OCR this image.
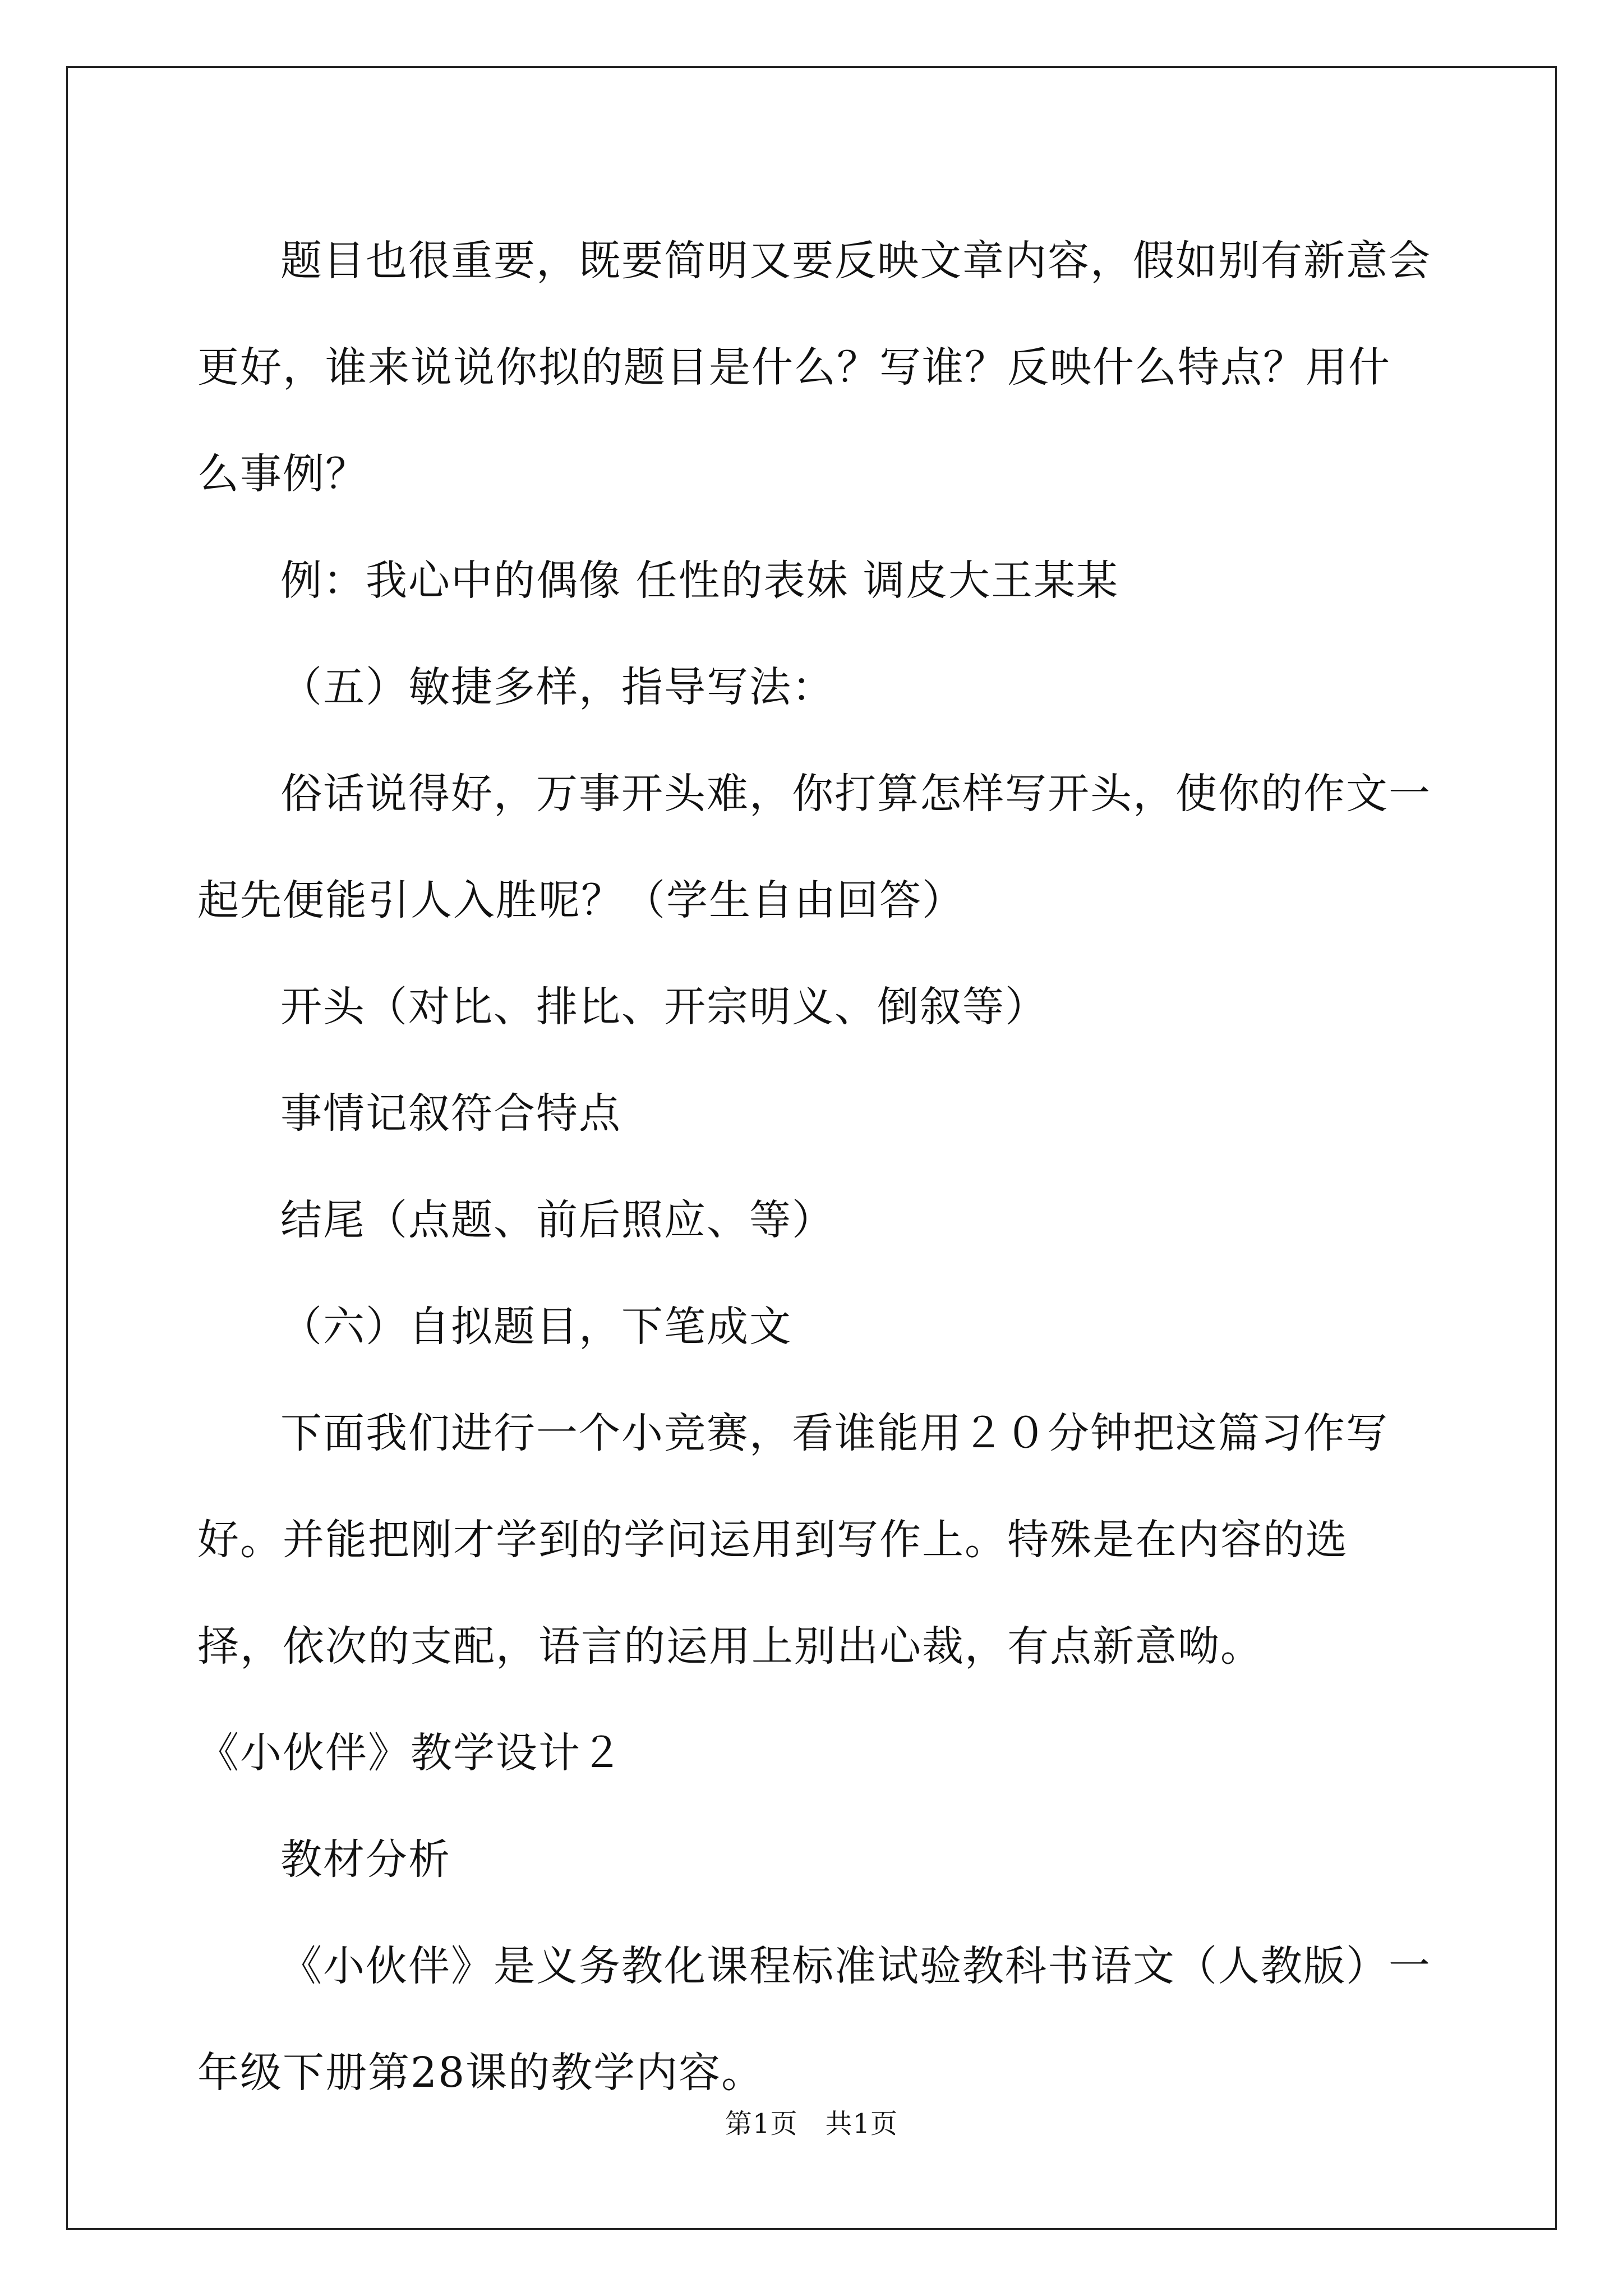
题目也很重要，既要简明又要反映文章内容，假如别有新意会更好，谁来说说你拟的题目是什么？写谁？反映什么特点？用什么事例？

例：我心中的偶像 任性的表妹 调皮大王某某

（五）敏捷多样，指导写法：

俗话说得好，万事开头难，你打算怎样写开头，使你的作文一起先便能引人入胜呢？（学生自由回答）

开头（对比、排比、开宗明义、倒叙等）

事情记叙符合特点

结尾（点题、前后照应、等）

（六）自拟题目，下笔成文

下面我们进行一个小竞赛，看谁能用２０分钟把这篇习作写好。并能把刚才学到的学问运用到写作上。特殊是在内容的选择，依次的支配，语言的运用上别出心裁，有点新意呦。

《小伙伴》教学设计２

教材分析

《小伙伴》是义务教化课程标准试验教科书语文（人教版）一年级下册第28课的教学内容。

第1页　共1页
